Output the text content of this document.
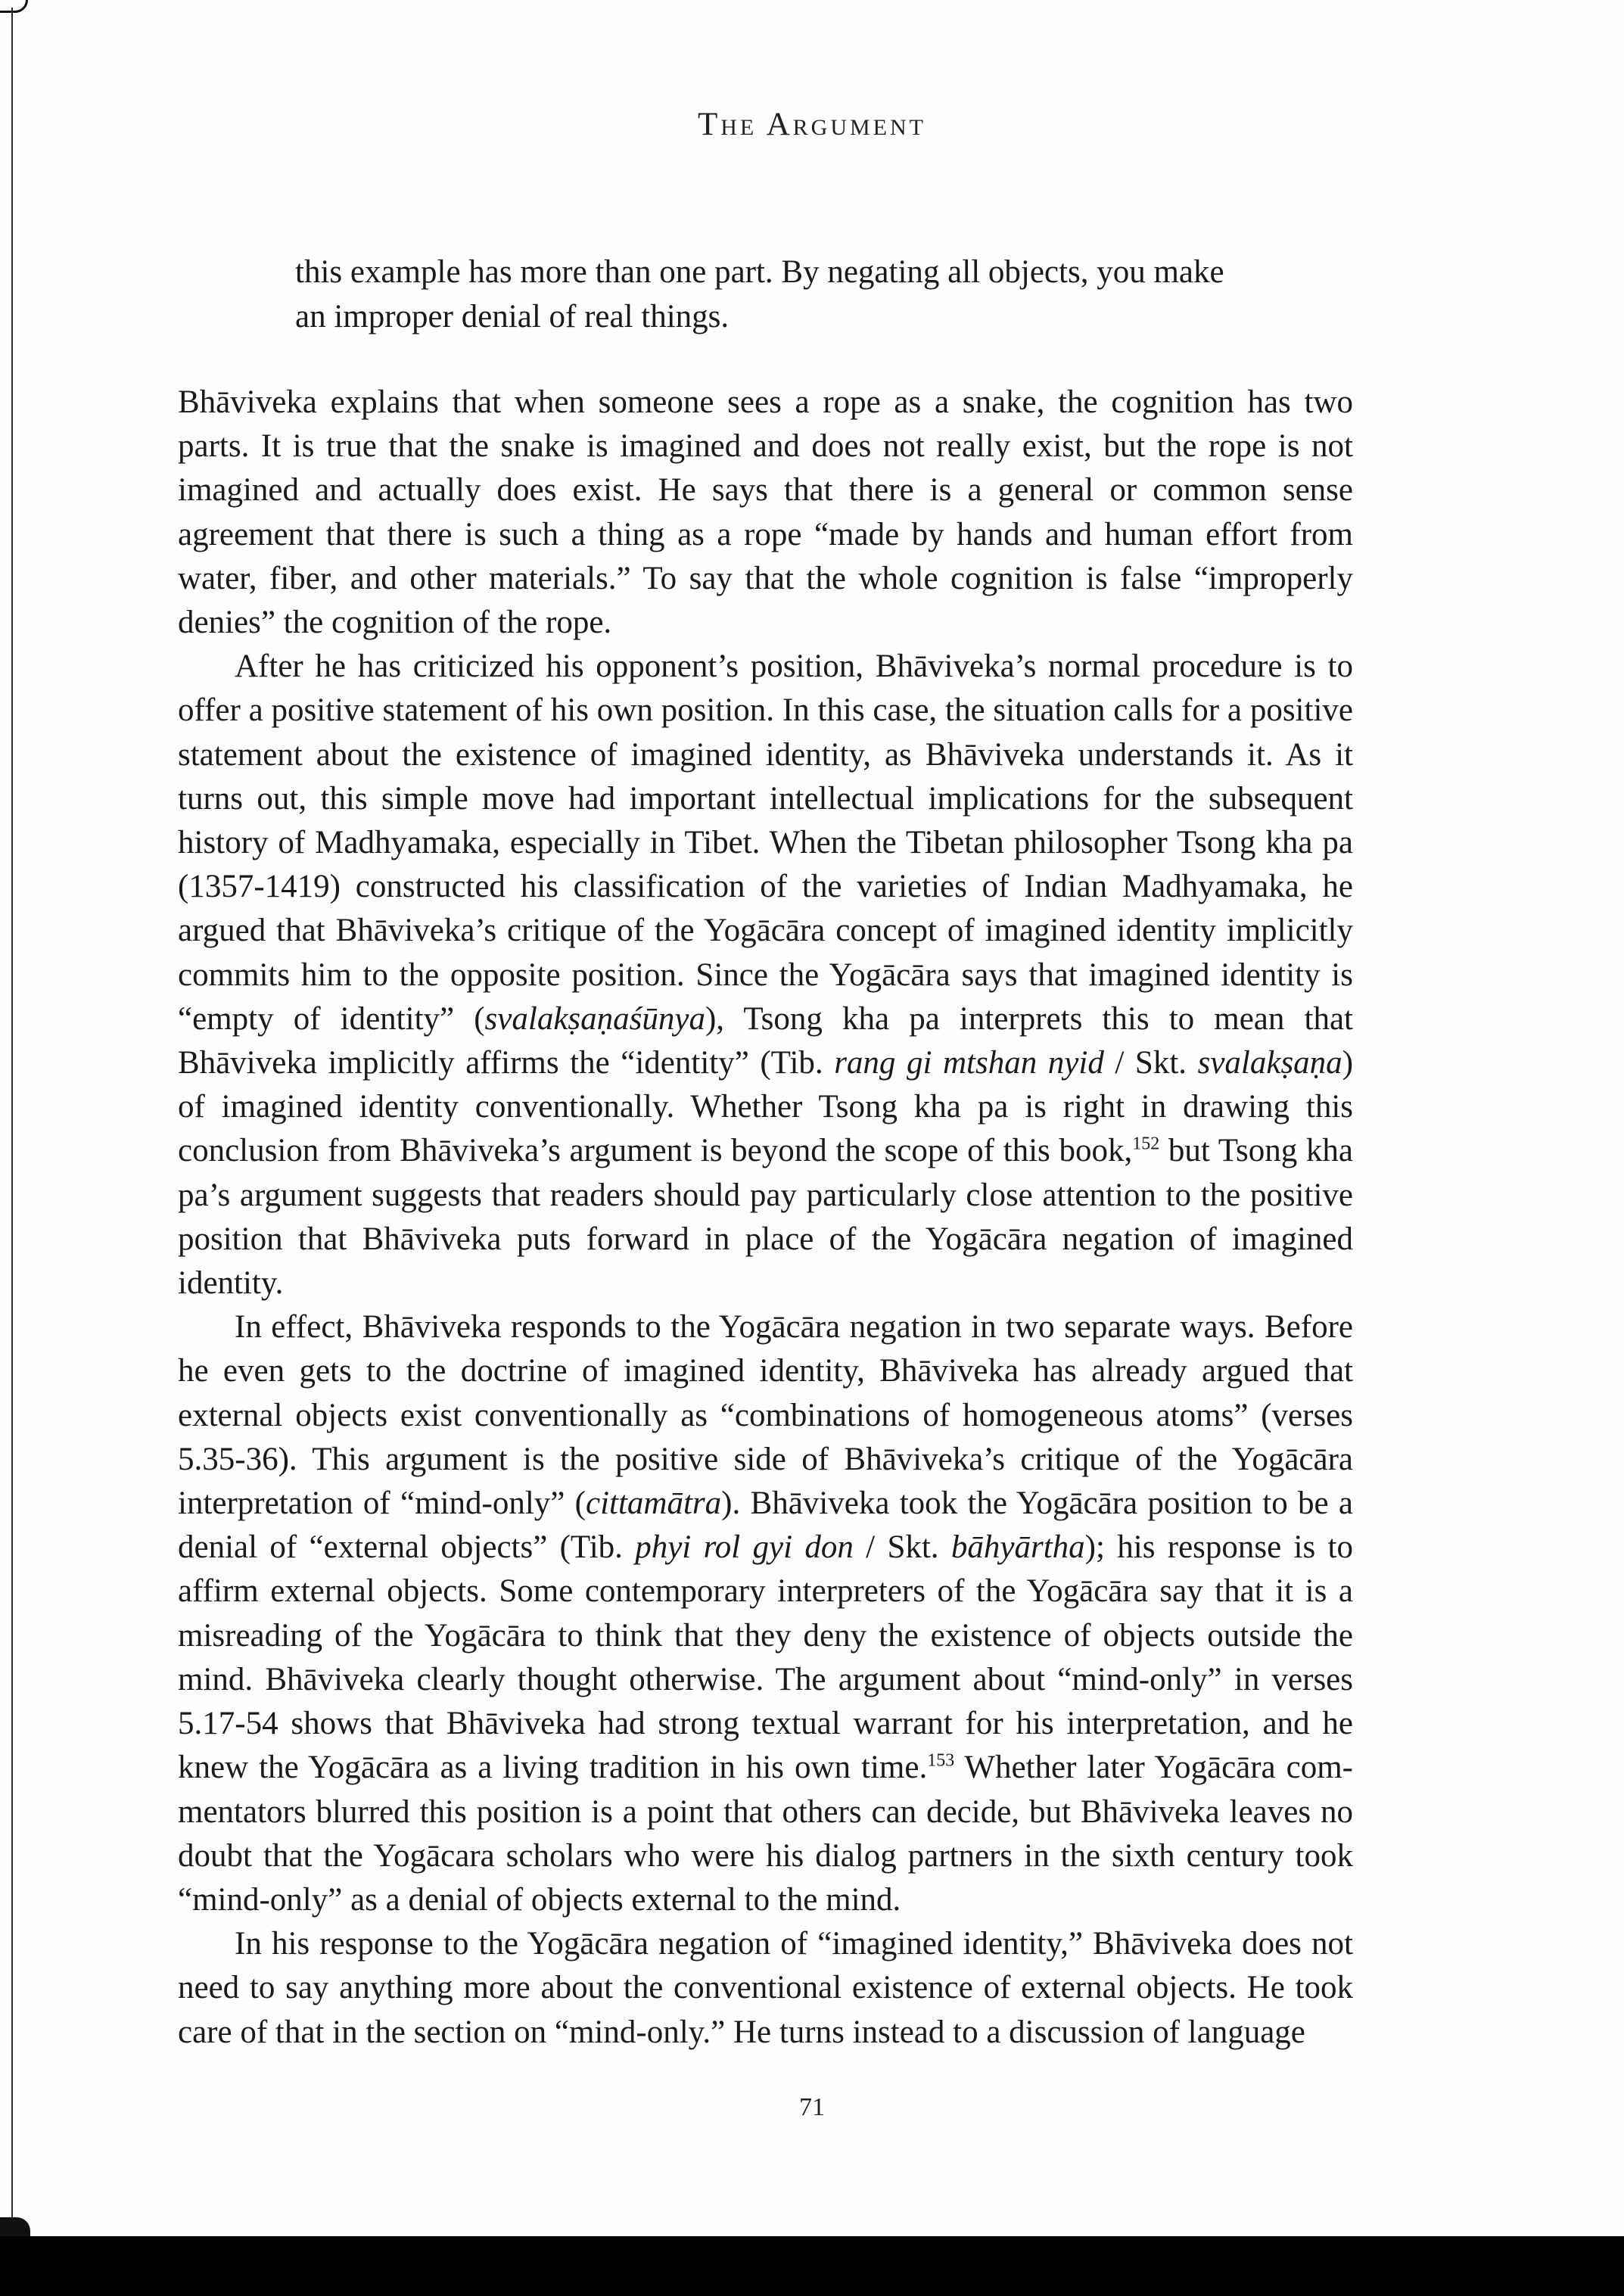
The Argument
this example has more than one part. By negating all objects, you make
an improper denial of real things.

Bhāviveka explains that when someone sees a rope as a snake, the cognition has two parts. It is true that the snake is imagined and does not really exist, but the rope is not imagined and actually does exist. He says that there is a general or common sense agreement that there is such a thing as a rope “made by hands and human effort from water, fiber, and other materials.” To say that the whole cognition is false “improperly denies” the cognition of the rope.

After he has criticized his opponent’s position, Bhāviveka’s normal procedure is to offer a positive statement of his own position. In this case, the situation calls for a positive statement about the existence of imagined identity, as Bhāviveka understands it. As it turns out, this simple move had important intellectual implications for the subsequent history of Madhyamaka, especially in Tibet. When the Tibetan philosopher Tsong kha pa (1357-1419) constructed his classification of the varieties of Indian Madhyamaka, he argued that Bhāviveka’s critique of the Yogācāra concept of imagined identity implicitly commits him to the opposite position. Since the Yogācāra says that imagined identity is “empty of identity” (svalakṣaṇaśūnya), Tsong kha pa interprets this to mean that Bhāviveka implicitly affirms the “identity” (Tib. rang gi mtshan nyid / Skt. svalakṣaṇa) of imagined identity conventionally. Whether Tsong kha pa is right in drawing this conclusion from Bhāviveka’s argument is beyond the scope of this book,$^{152}$ but Tsong kha pa’s argument suggests that readers should pay particularly close attention to the positive position that Bhāviveka puts forward in place of the Yogācāra negation of imagined identity.

In effect, Bhāviveka responds to the Yogācāra negation in two separate ways. Before he even gets to the doctrine of imagined identity, Bhāviveka has already argued that external objects exist conventionally as “combinations of homogeneous atoms” (verses 5.35-36). This argument is the positive side of Bhāviveka’s critique of the Yogācāra interpretation of “mind-only” (cittamātra). Bhāviveka took the Yogācāra position to be a denial of “external objects” (Tib. phyi rol gyi don / Skt. bāhyārtha); his response is to affirm external objects. Some contemporary interpreters of the Yogācāra say that it is a misreading of the Yogācāra to think that they deny the existence of objects outside the mind. Bhāviveka clearly thought otherwise. The argument about “mind-only” in verses 5.17-54 shows that Bhāviveka had strong textual warrant for his interpretation, and he knew the Yogācāra as a living tradition in his own time.$^{153}$ Whether later Yogācāra commentators blurred this position is a point that others can decide, but Bhāviveka leaves no doubt that the Yogācara scholars who were his dialog partners in the sixth century took “mind-only” as a denial of objects external to the mind.

In his response to the Yogācāra negation of “imagined identity,” Bhāviveka does not need to say anything more about the conventional existence of external objects. He took care of that in the section on “mind-only.” He turns instead to a discussion of language

71
